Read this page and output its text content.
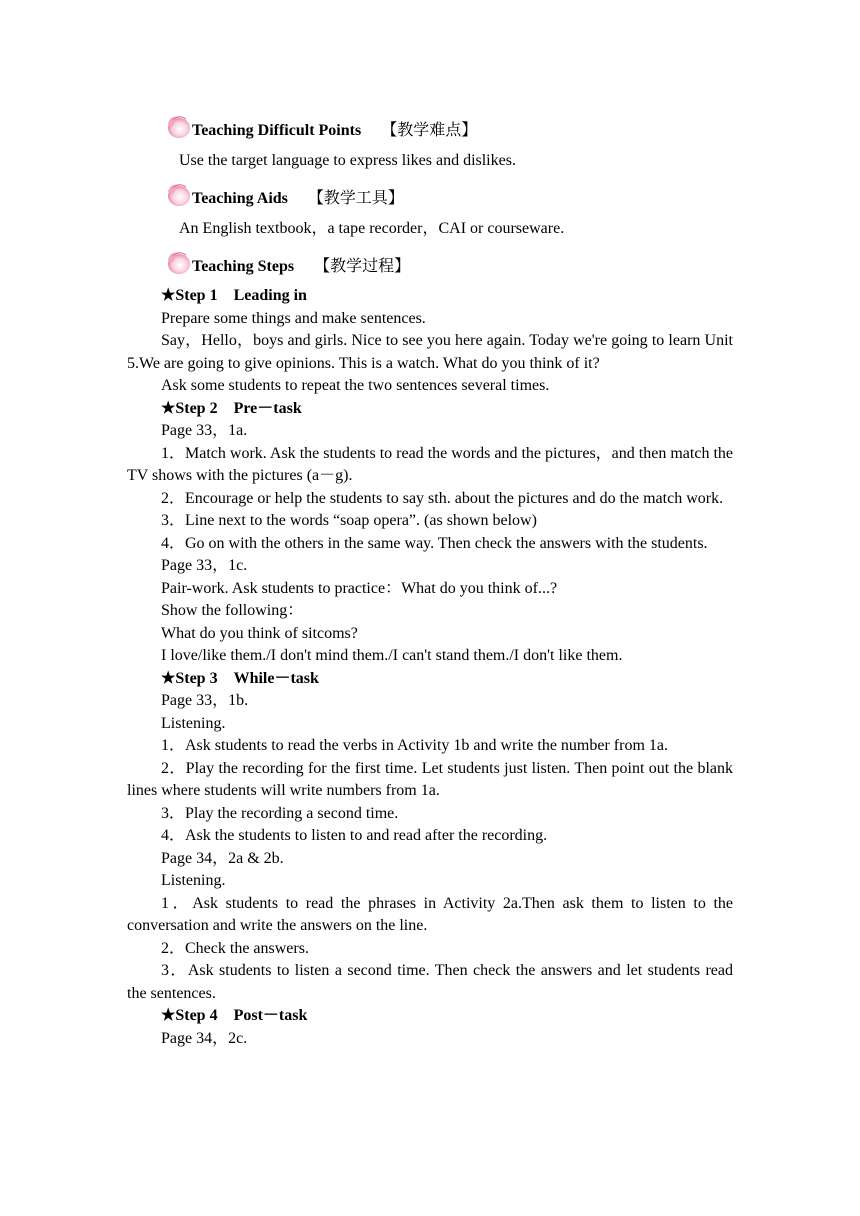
Teaching Difficult Points 【教学难点】
Use the target language to express likes and dislikes.
Teaching Aids 【教学工具】
An English textbook，a tape recorder，CAI or courseware.
Teaching Steps 【教学过程】

★Step 1　Leading in

Prepare some things and make sentences.

Say，Hello，boys and girls. Nice to see you here again. Today we're going to learn Unit 5.We are going to give opinions. This is a watch. What do you think of it?

Ask some students to repeat the two sentences several times.

★Step 2　Pre－task

Page 33，1a.

1．Match work. Ask the students to read the words and the pictures，and then match the TV shows with the pictures (a－g).

2．Encourage or help the students to say sth. about the pictures and do the match work.

3．Line next to the words “soap opera”. (as shown below)

4．Go on with the others in the same way. Then check the answers with the students.

Page 33，1c.

Pair-work. Ask students to practice：What do you think of...?

Show the following：

What do you think of sitcoms?

I love/like them./I don't mind them./I can't stand them./I don't like them.

★Step 3　While－task

Page 33，1b.

Listening.

1．Ask students to read the verbs in Activity 1b and write the number from 1a.

2．Play the recording for the first time. Let students just listen. Then point out the blank lines where students will write numbers from 1a.

3．Play the recording a second time.

4．Ask the students to listen to and read after the recording.

Page 34，2a & 2b.

Listening.

1．Ask students to read the phrases in Activity 2a.Then ask them to listen to the conversation and write the answers on the line.

2．Check the answers.

3．Ask students to listen a second time. Then check the answers and let students read the sentences.

★Step 4　Post－task

Page 34，2c.
